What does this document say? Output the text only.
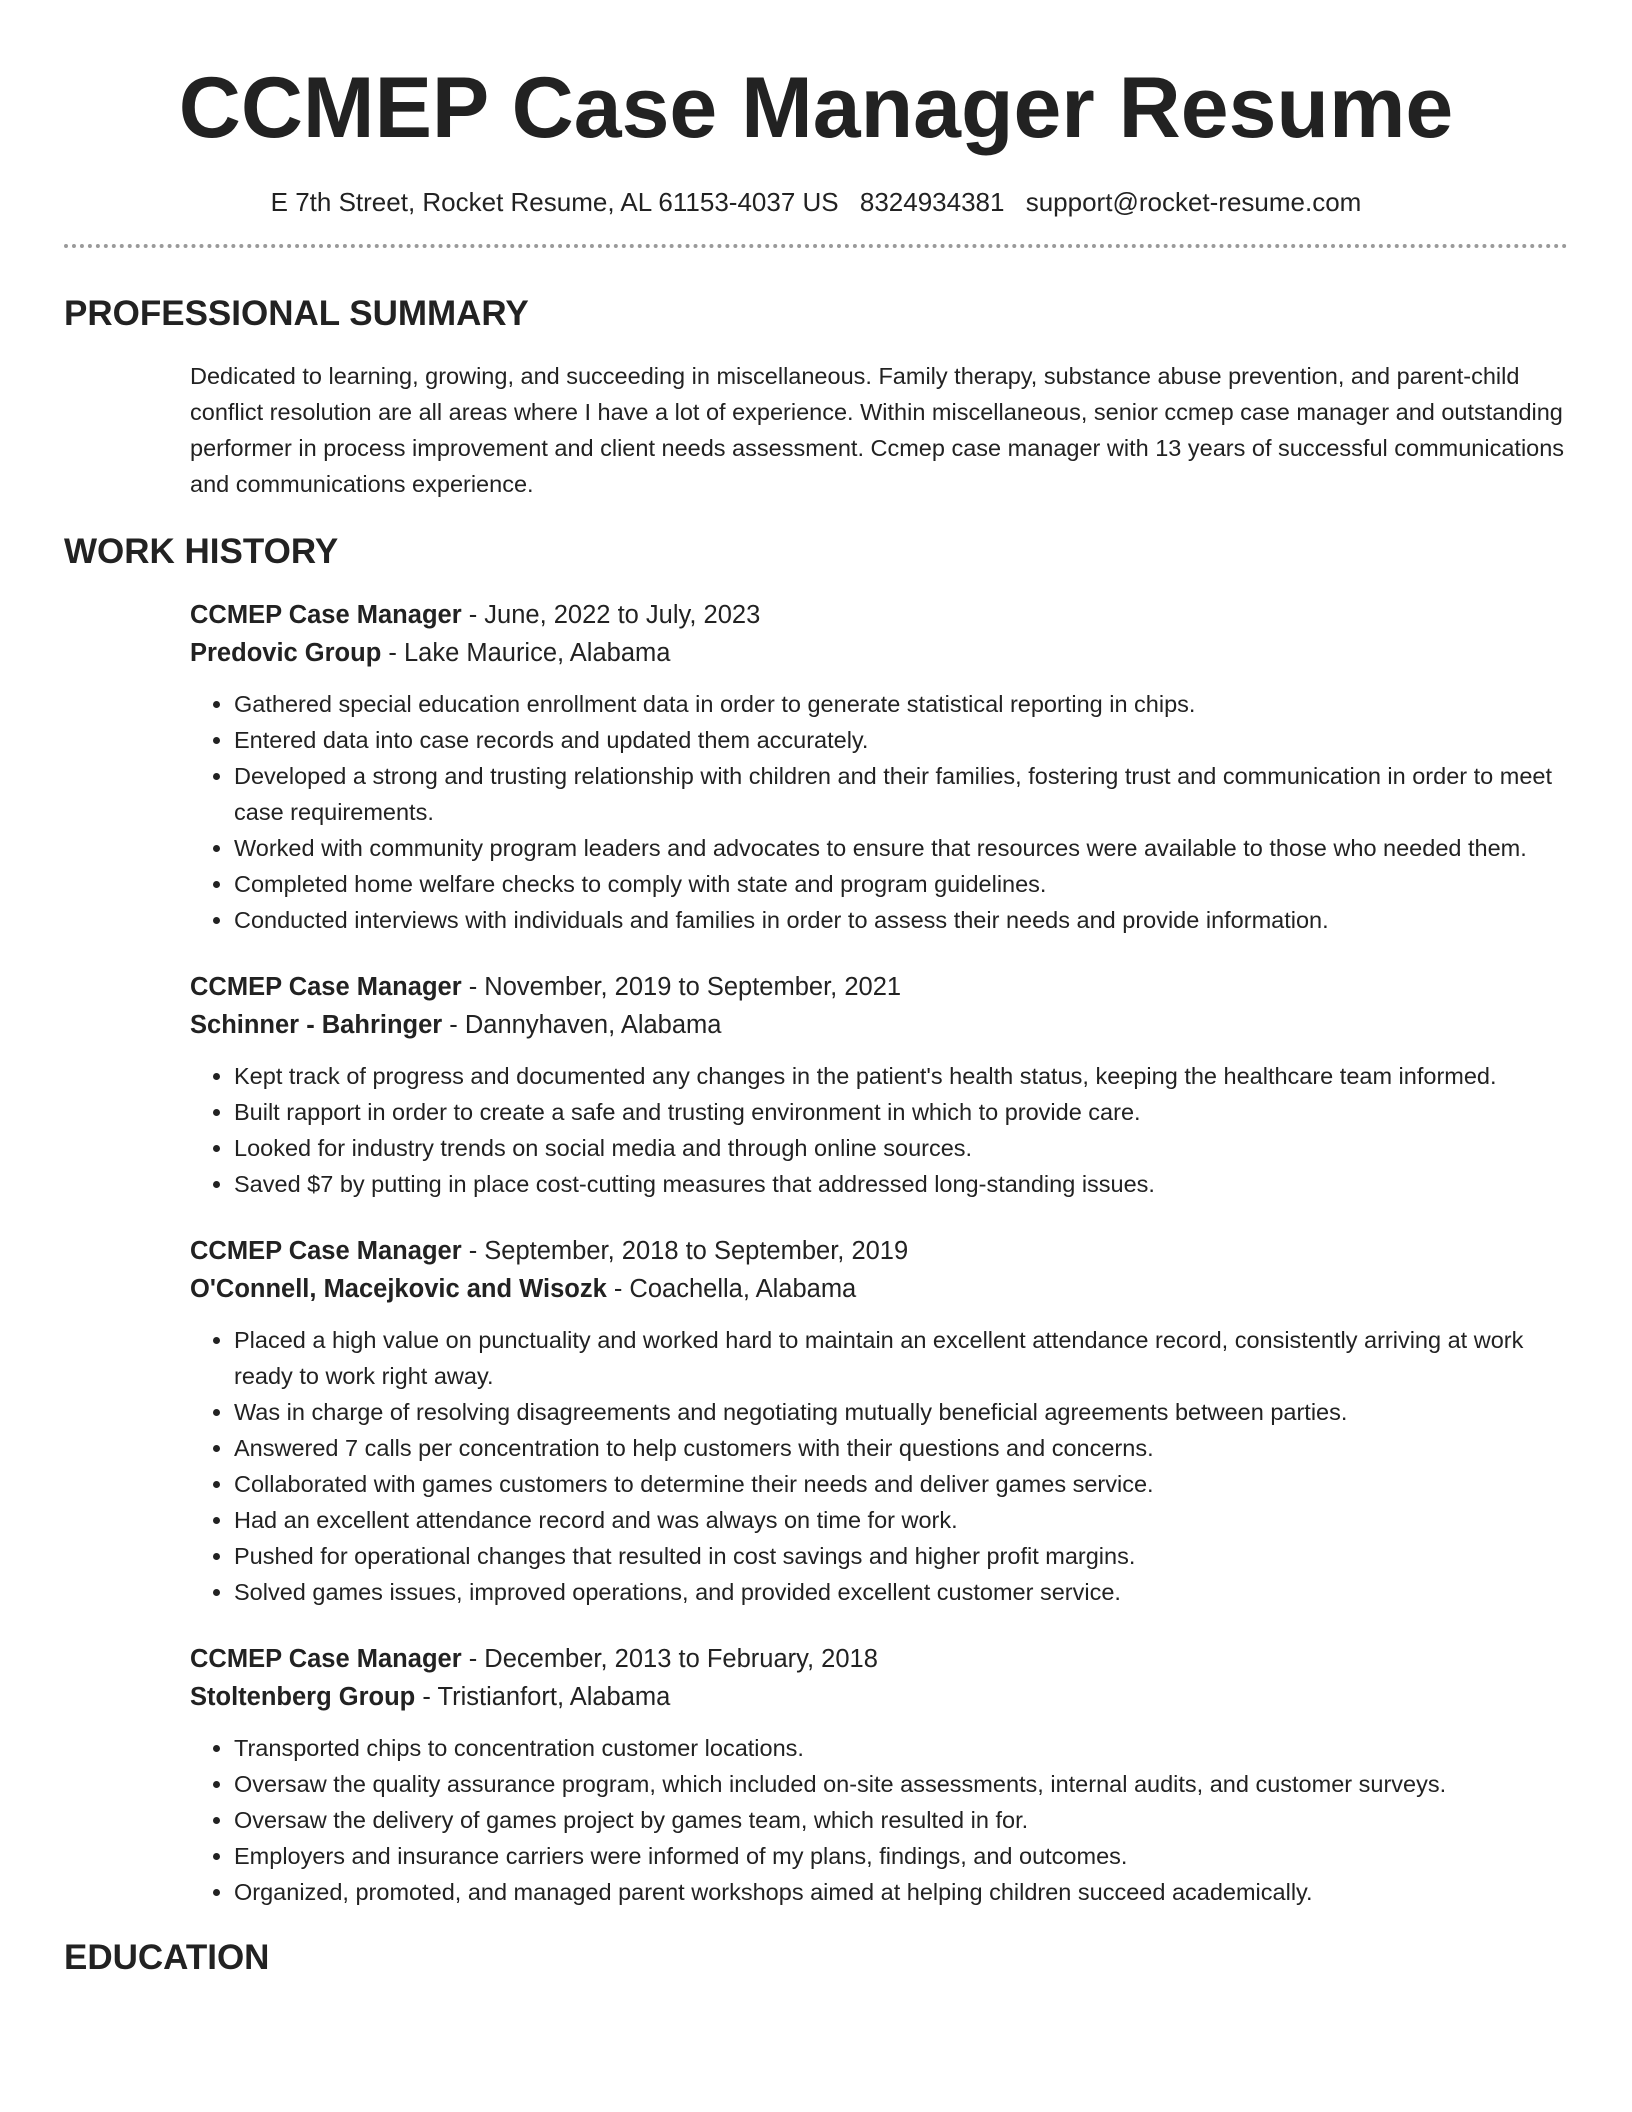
CCMEP Case Manager Resume
E 7th Street, Rocket Resume, AL 61153-4037 US 8324934381 support@rocket-resume.com
PROFESSIONAL SUMMARY

Dedicated to learning, growing, and succeeding in miscellaneous. Family therapy, substance abuse prevention, and parent-child conflict resolution are all areas where I have a lot of experience. Within miscellaneous, senior ccmep case manager and outstanding performer in process improvement and client needs assessment. Ccmep case manager with 13 years of successful communications and communications experience.

WORK HISTORY
CCMEP Case Manager - June, 2022 to July, 2023
Predovic Group - Lake Maurice, Alabama
• Gathered special education enrollment data in order to generate statistical reporting in chips.
• Entered data into case records and updated them accurately.
• Developed a strong and trusting relationship with children and their families, fostering trust and communication in order to meet case requirements.
• Worked with community program leaders and advocates to ensure that resources were available to those who needed them.
• Completed home welfare checks to comply with state and program guidelines.
• Conducted interviews with individuals and families in order to assess their needs and provide information.
CCMEP Case Manager - November, 2019 to September, 2021
Schinner - Bahringer - Dannyhaven, Alabama
• Kept track of progress and documented any changes in the patient's health status, keeping the healthcare team informed.
• Built rapport in order to create a safe and trusting environment in which to provide care.
• Looked for industry trends on social media and through online sources.
• Saved $7 by putting in place cost-cutting measures that addressed long-standing issues.
CCMEP Case Manager - September, 2018 to September, 2019
O'Connell, Macejkovic and Wisozk - Coachella, Alabama
• Placed a high value on punctuality and worked hard to maintain an excellent attendance record, consistently arriving at work ready to work right away.
• Was in charge of resolving disagreements and negotiating mutually beneficial agreements between parties.
• Answered 7 calls per concentration to help customers with their questions and concerns.
• Collaborated with games customers to determine their needs and deliver games service.
• Had an excellent attendance record and was always on time for work.
• Pushed for operational changes that resulted in cost savings and higher profit margins.
• Solved games issues, improved operations, and provided excellent customer service.
CCMEP Case Manager - December, 2013 to February, 2018
Stoltenberg Group - Tristianfort, Alabama
• Transported chips to concentration customer locations.
• Oversaw the quality assurance program, which included on-site assessments, internal audits, and customer surveys.
• Oversaw the delivery of games project by games team, which resulted in for.
• Employers and insurance carriers were informed of my plans, findings, and outcomes.
• Organized, promoted, and managed parent workshops aimed at helping children succeed academically.
EDUCATION
